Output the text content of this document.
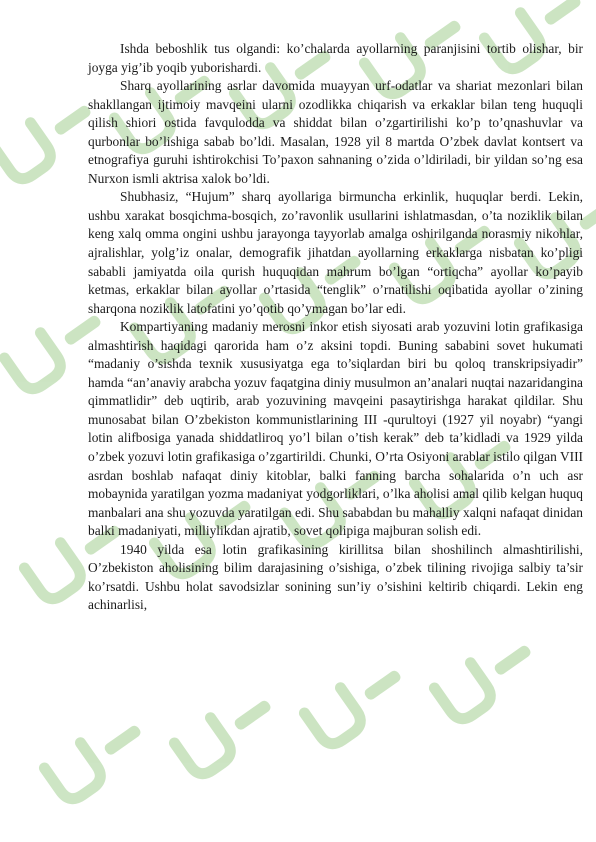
Ishda beboshlik tus olgandi: ko’chalarda ayollarning paranjisini tortib olishar, bir joyga yig’ib yoqib yuborishardi.

Sharq ayollarining asrlar davomida muayyan urf-odatlar va shariat mezonlari bilan shakllangan ijtimoiy mavqeini ularni ozodlikka chiqarish va erkaklar bilan teng huquqli qilish shiori ostida favqulodda va shiddat bilan o’zgartirilishi ko’p to’qnashuvlar va qurbonlar bo’lishiga sabab bo’ldi. Masalan, 1928 yil 8 martda O’zbek davlat kontsert va etnografiya guruhi ishtirokchisi To’paxon sahnaning o’zida o’ldiriladi, bir yildan so’ng esa Nurxon ismli aktrisa xalok bo’ldi.

Shubhasiz, “Hujum” sharq ayollariga birmuncha erkinlik, huquqlar berdi. Lekin, ushbu xarakat bosqichma-bosqich, zo’ravonlik usullarini ishlatmasdan, o’ta noziklik bilan keng xalq omma ongini ushbu jarayonga tayyorlab amalga oshirilganda norasmiy nikohlar, ajralishlar, yolg’iz onalar, demografik jihatdan ayollarning erkaklarga nisbatan ko’pligi sababli jamiyatda oila qurish huquqidan mahrum bo’lgan “ortiqcha” ayollar ko’payib ketmas, erkaklar bilan ayollar o’rtasida “tenglik” o’rnatilishi oqibatida ayollar o’zining sharqona noziklik latofatini yo’qotib qo’ymagan bo’lar edi.

Kompartiyaning madaniy merosni inkor etish siyosati arab yozuvini lotin grafikasiga almashtirish haqidagi qarorida ham o’z aksini topdi. Buning sababini sovet hukumati “madaniy o’sishda texnik xususiyatga ega to’siqlardan biri bu qoloq transkripsiyadir” hamda “an’anaviy arabcha yozuv faqatgina diniy musulmon an’analari nuqtai nazaridangina qimmatlidir” deb uqtirib, arab yozuvining mavqeini pasaytirishga harakat qildilar. Shu munosabat bilan O’zbekiston kommunistlarining III -qurultoyi (1927 yil noyabr) “yangi lotin alifbosiga yanada shiddatliroq yo’l bilan o’tish kerak” deb ta’kidladi va 1929 yilda o’zbek yozuvi lotin grafikasiga o’zgartirildi. Chunki, O’rta Osiyoni arablar istilo qilgan VIII asrdan boshlab nafaqat diniy kitoblar, balki fanning barcha sohalarida o’n uch asr mobaynida yaratilgan yozma madaniyat yodgorliklari, o’lka aholisi amal qilib kelgan huquq manbalari ana shu yozuvda yaratilgan edi. Shu sababdan bu mahalliy xalqni nafaqat dinidan balki madaniyati, milliylikdan ajratib, sovet qolipiga majburan solish edi.

1940 yilda esa lotin grafikasining kirillitsa bilan shoshilinch almashtirilishi, O’zbekiston aholisining bilim darajasining o’sishiga, o’zbek tilining rivojiga salbiy ta’sir ko’rsatdi. Ushbu holat savodsizlar sonining sun’iy o’sishini keltirib chiqardi. Lekin eng achinarlisi,
